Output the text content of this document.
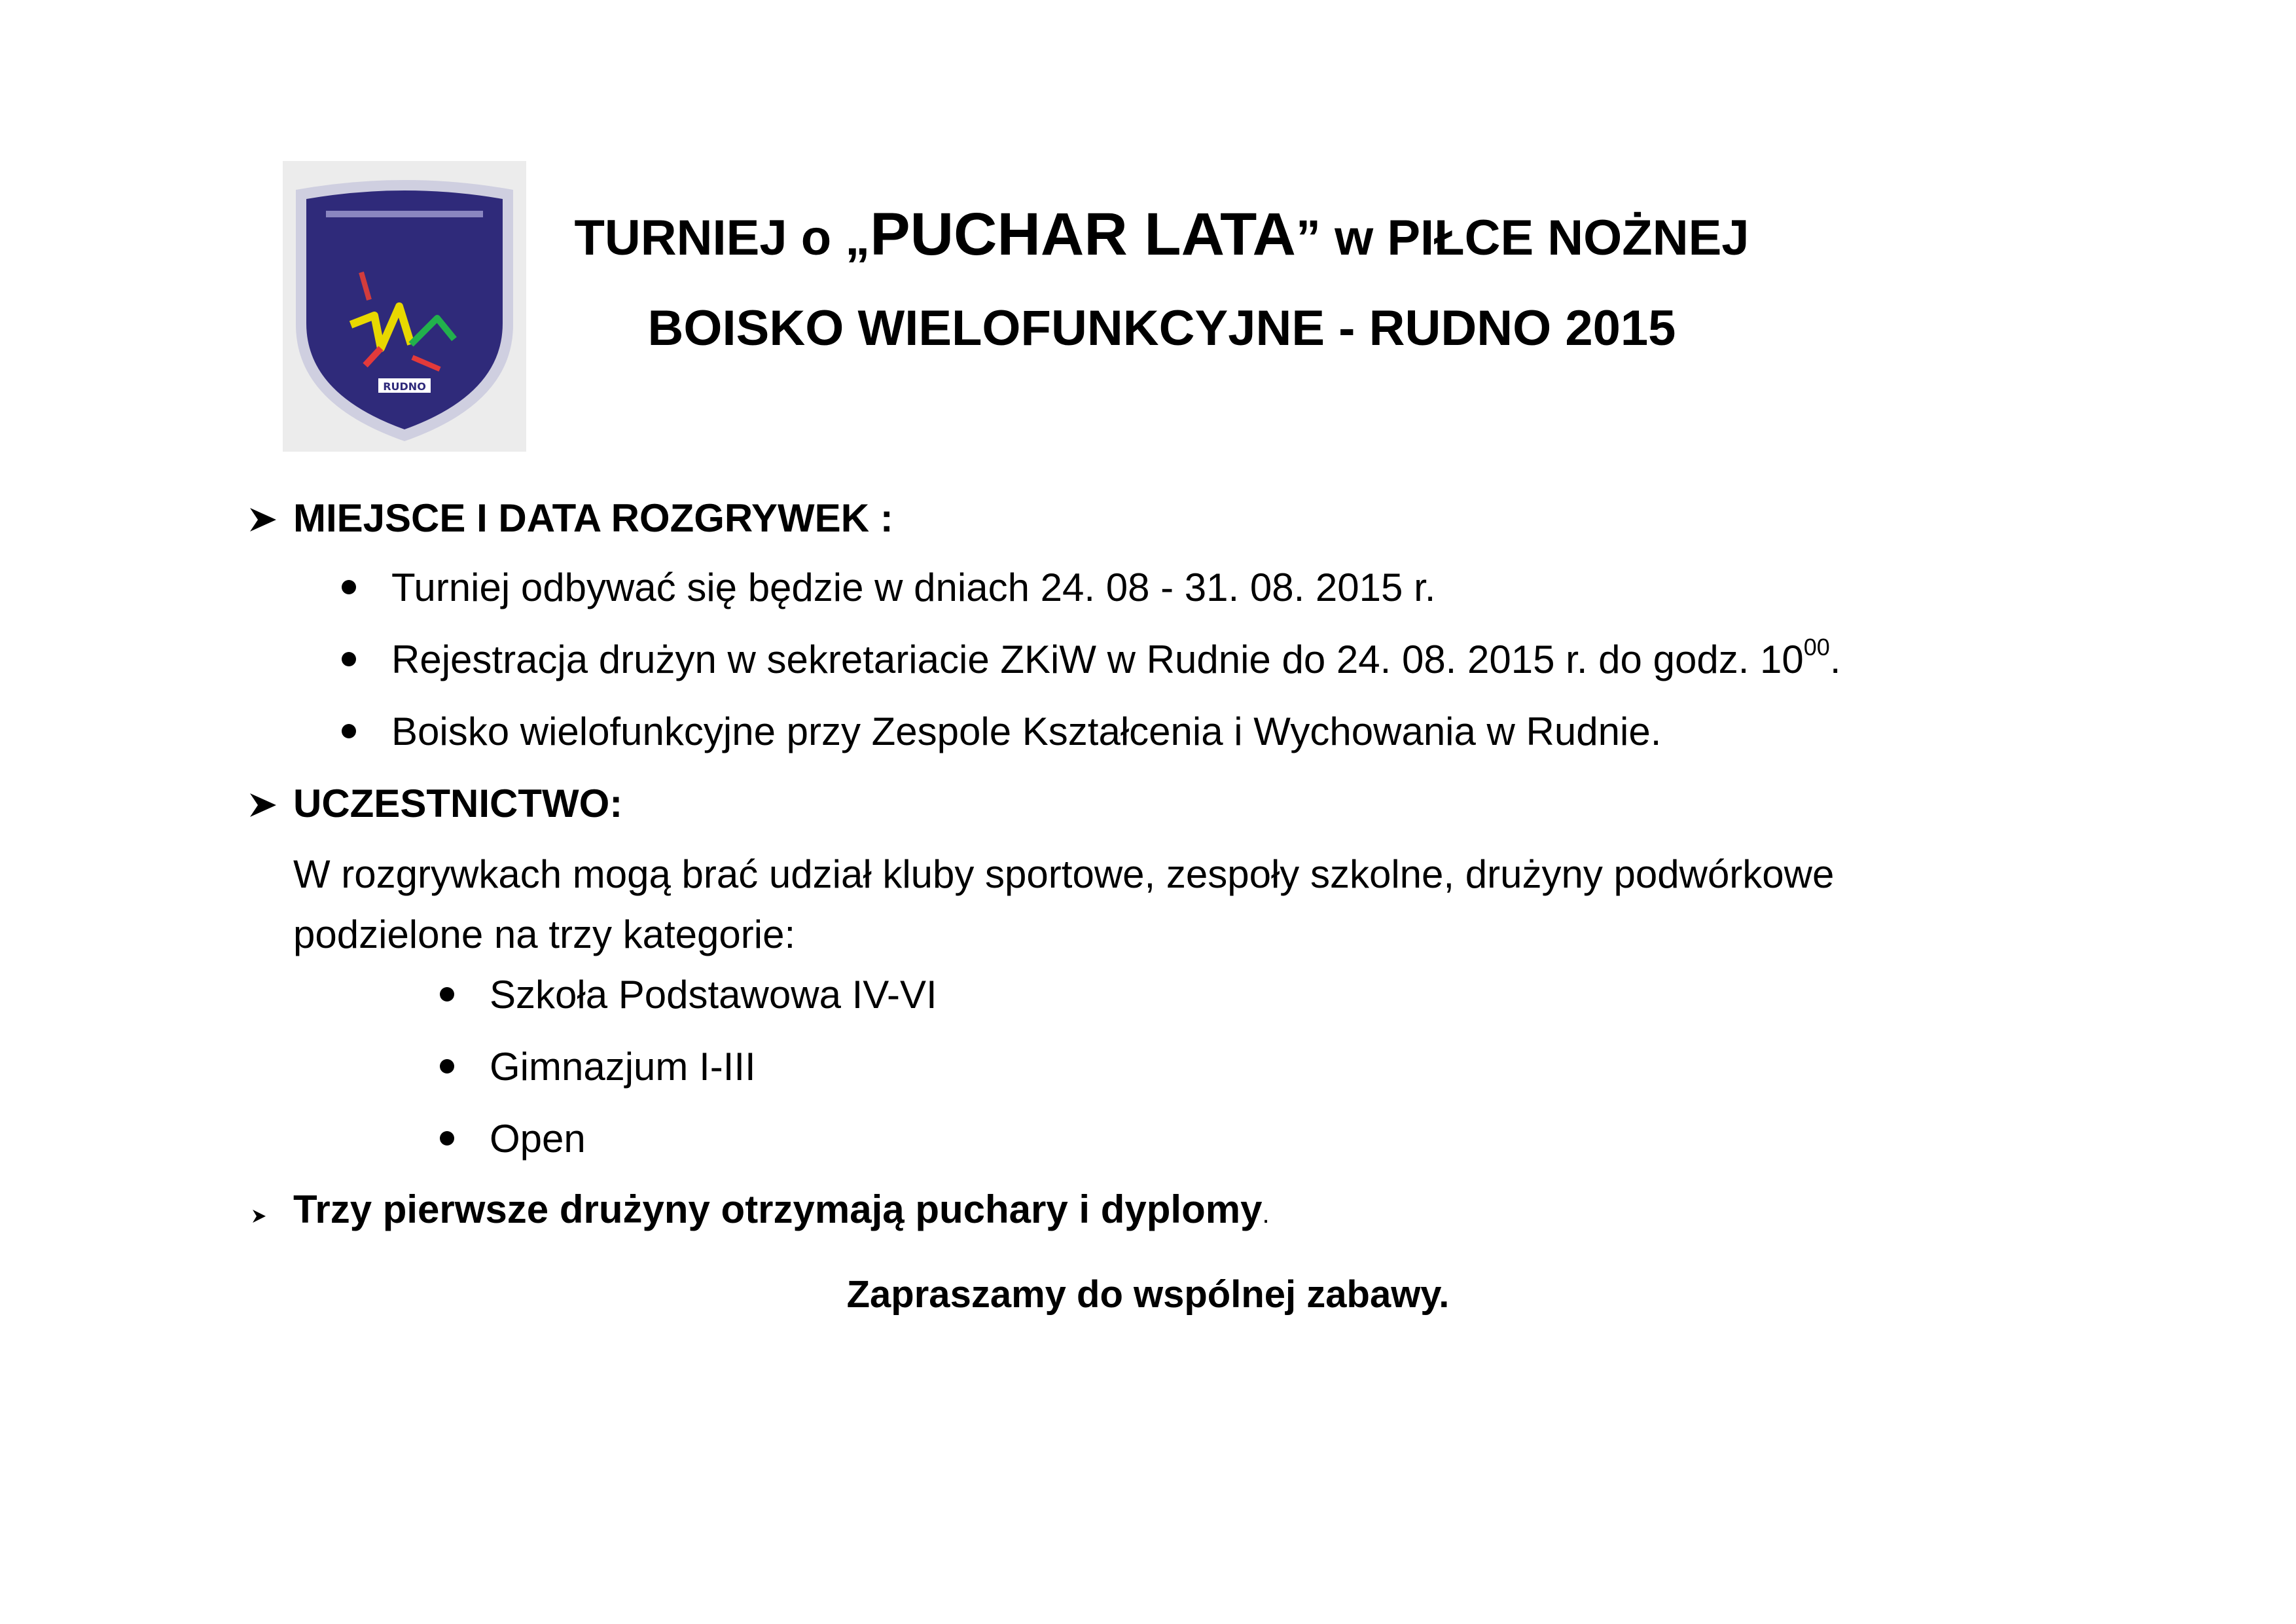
RUDNO
TURNIEJ o „PUCHAR LATA” w PIŁCE NOŻNEJ
BOISKO WIELOFUNKCYJNE - RUDNO 2015
MIEJSCE I DATA ROZGRYWEK :
Turniej odbywać się będzie w dniach 24. 08 - 31. 08. 2015 r.
Rejestracja drużyn w sekretariacie ZKiW w Rudnie do 24. 08. 2015 r. do godz. $10^{00}$.
Boisko wielofunkcyjne przy Zespole Kształcenia i Wychowania w Rudnie.
UCZESTNICTWO:
W rozgrywkach mogą brać udział kluby sportowe, zespoły szkolne, drużyny podwórkowe
podzielone na trzy kategorie:
Szkoła Podstawowa IV-VI
Gimnazjum I-III
Open
Trzy pierwsze drużyny otrzymają puchary i dyplomy.
Zapraszamy do wspólnej zabawy.
